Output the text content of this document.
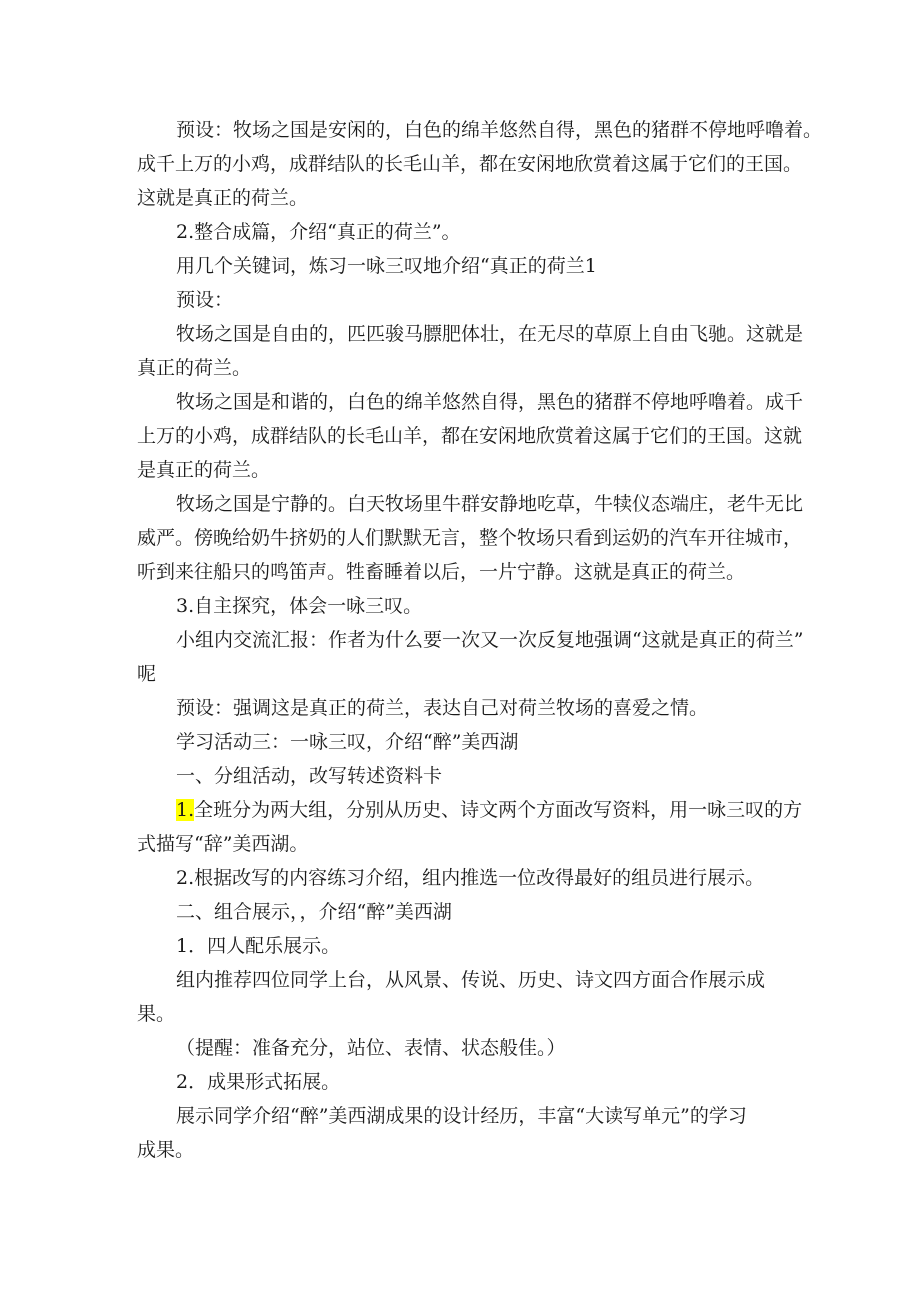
预设：牧场之国是安闲的，白色的绵羊悠然自得，黑色的猪群不停地呼噜着。
成千上万的小鸡，成群结队的长毛山羊，都在安闲地欣赏着这属于它们的王国。
这就是真正的荷兰。
2.整合成篇，介绍“真正的荷兰”。
用几个关键词，炼习一咏三叹地介绍“真正的荷兰1
预设：
牧场之国是自由的，匹匹骏马膘肥体壮，在无尽的草原上自由飞驰。这就是
真正的荷兰。
牧场之国是和谐的，白色的绵羊悠然自得，黑色的猪群不停地呼噜着。成千
上万的小鸡，成群结队的长毛山羊，都在安闲地欣赏着这属于它们的王国。这就
是真正的荷兰。
牧场之国是宁静的。白天牧场里牛群安静地吃草，牛犊仪态端庄，老牛无比
威严。傍晚给奶牛挤奶的人们默默无言，整个牧场只看到运奶的汽车开往城市，
听到来往船只的鸣笛声。牲畜睡着以后，一片宁静。这就是真正的荷兰。
3.自主探究，体会一咏三叹。
小组内交流汇报：作者为什么要一次又一次反复地强调“这就是真正的荷兰”
呢
预设：强调这是真正的荷兰，表达自己对荷兰牧场的喜爱之情。
学习活动三：一咏三叹，介绍“醉”美西湖
一、分组活动，改写转述资料卡
1.全班分为两大组，分别从历史、诗文两个方面改写资料，用一咏三叹的方
式描写“辞”美西湖。
2.根据改写的内容练习介绍，组内推选一位改得最好的组员进行展示。
二、组合展示，，介绍“醉”美西湖
1．四人配乐展示。
组内推荐四位同学上台，从风景、传说、历史、诗文四方面合作展示成
果。
（提醒：准备充分，站位、表情、状态般佳。）
2．成果形式拓展。
展示同学介绍“醉”美西湖成果的设计经历，丰富“大读写单元”的学习
成果。
